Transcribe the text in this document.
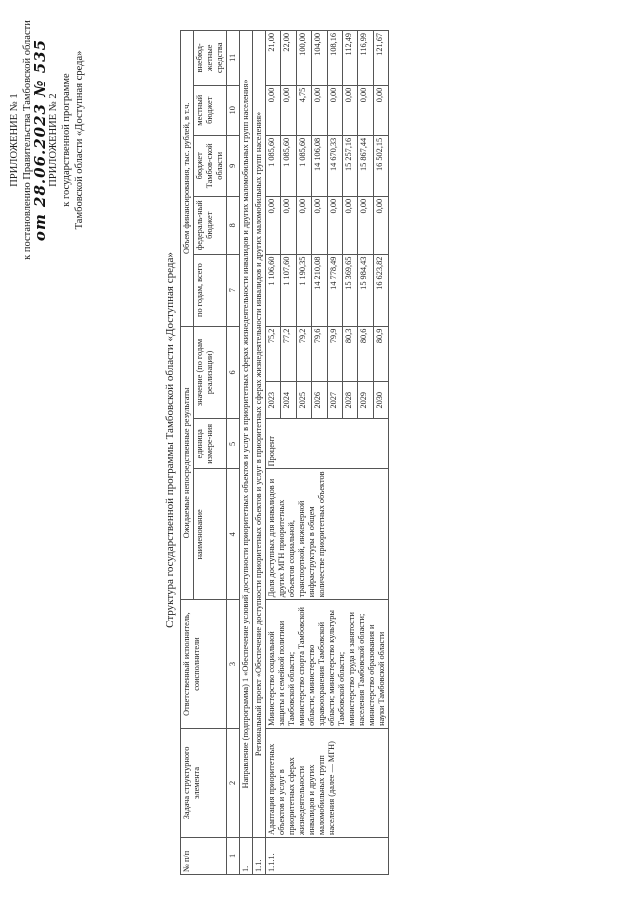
ПРИЛОЖЕНИЕ № 1 к постановлению Правительства Тамбовской области
от 28.06.2023 № 535 ПРИЛОЖЕНИЕ № 2 к государственной программе Тамбовской области «Доступная среда»
Структура государственной программы Тамбовской области «Доступная среда»
№ п/п	Задача структурного элемента	Ответственный исполнитель, соисполнители	Ожидаемые непосредственные результаты				Объем финансирования, тыс. рублей, в т.ч.				
			наименование	единица измере-ния	значение (по годам реализации)		по годам, всего	федераль-ный бюджет	бюджет Тамбов-ской области	местный бюджет	внебюд-жетные средства
1	2	3	4	5	6		7	8	9	10	11
1.	Направление (подпрограмма) 1 «Обеспечение условий доступности приоритетных объектов и услуг в приоритетных сферах жизнедеятельности инвалидов и других маломобильных групп населения»										
1.1.	Региональный проект «Обеспечение доступности приоритетных объектов и услуг в приоритетных сферах жизнедеятельности инвалидов и других маломобильных групп населения»										
1.1.1.	Адаптация приоритетных объектов и услуг в приоритетных сферах жизнедеятельности инвалидов и других маломобильных групп населения (далее — МГН)	Министерство социальной защиты и семейной политики Тамбовской области; министерство спорта Тамбовской области; министерство здравоохранения Тамбовской области; министерство культуры Тамбовской области; министерство труда и занятости населения Тамбовской области; министерство образования и науки Тамбовской области	Доля доступных для инвалидов и других МГН приоритетных объектов социальной, транспортной, инженерной инфраструктуры в общем количестве приоритетных объектов	Процент	2023	75,2	1 106,60	0,00	1 085,60	0,00	21,00
					2024	77,2	1 107,60	0,00	1 085,60	0,00	22,00
					2025	79,2	1 190,35	0,00	1 085,60	4,75	100,00
					2026	79,6	14 210,08	0,00	14 106,08	0,00	104,00
					2027	79,9	14 778,49	0,00	14 670,33	0,00	108,16
					2028	80,3	15 369,65	0,00	15 257,16	0,00	112,49
					2029	80,6	15 984,43	0,00	15 867,44	0,00	116,99
					2030	80,9	16 623,82	0,00	16 502,15	0,00	121,67
